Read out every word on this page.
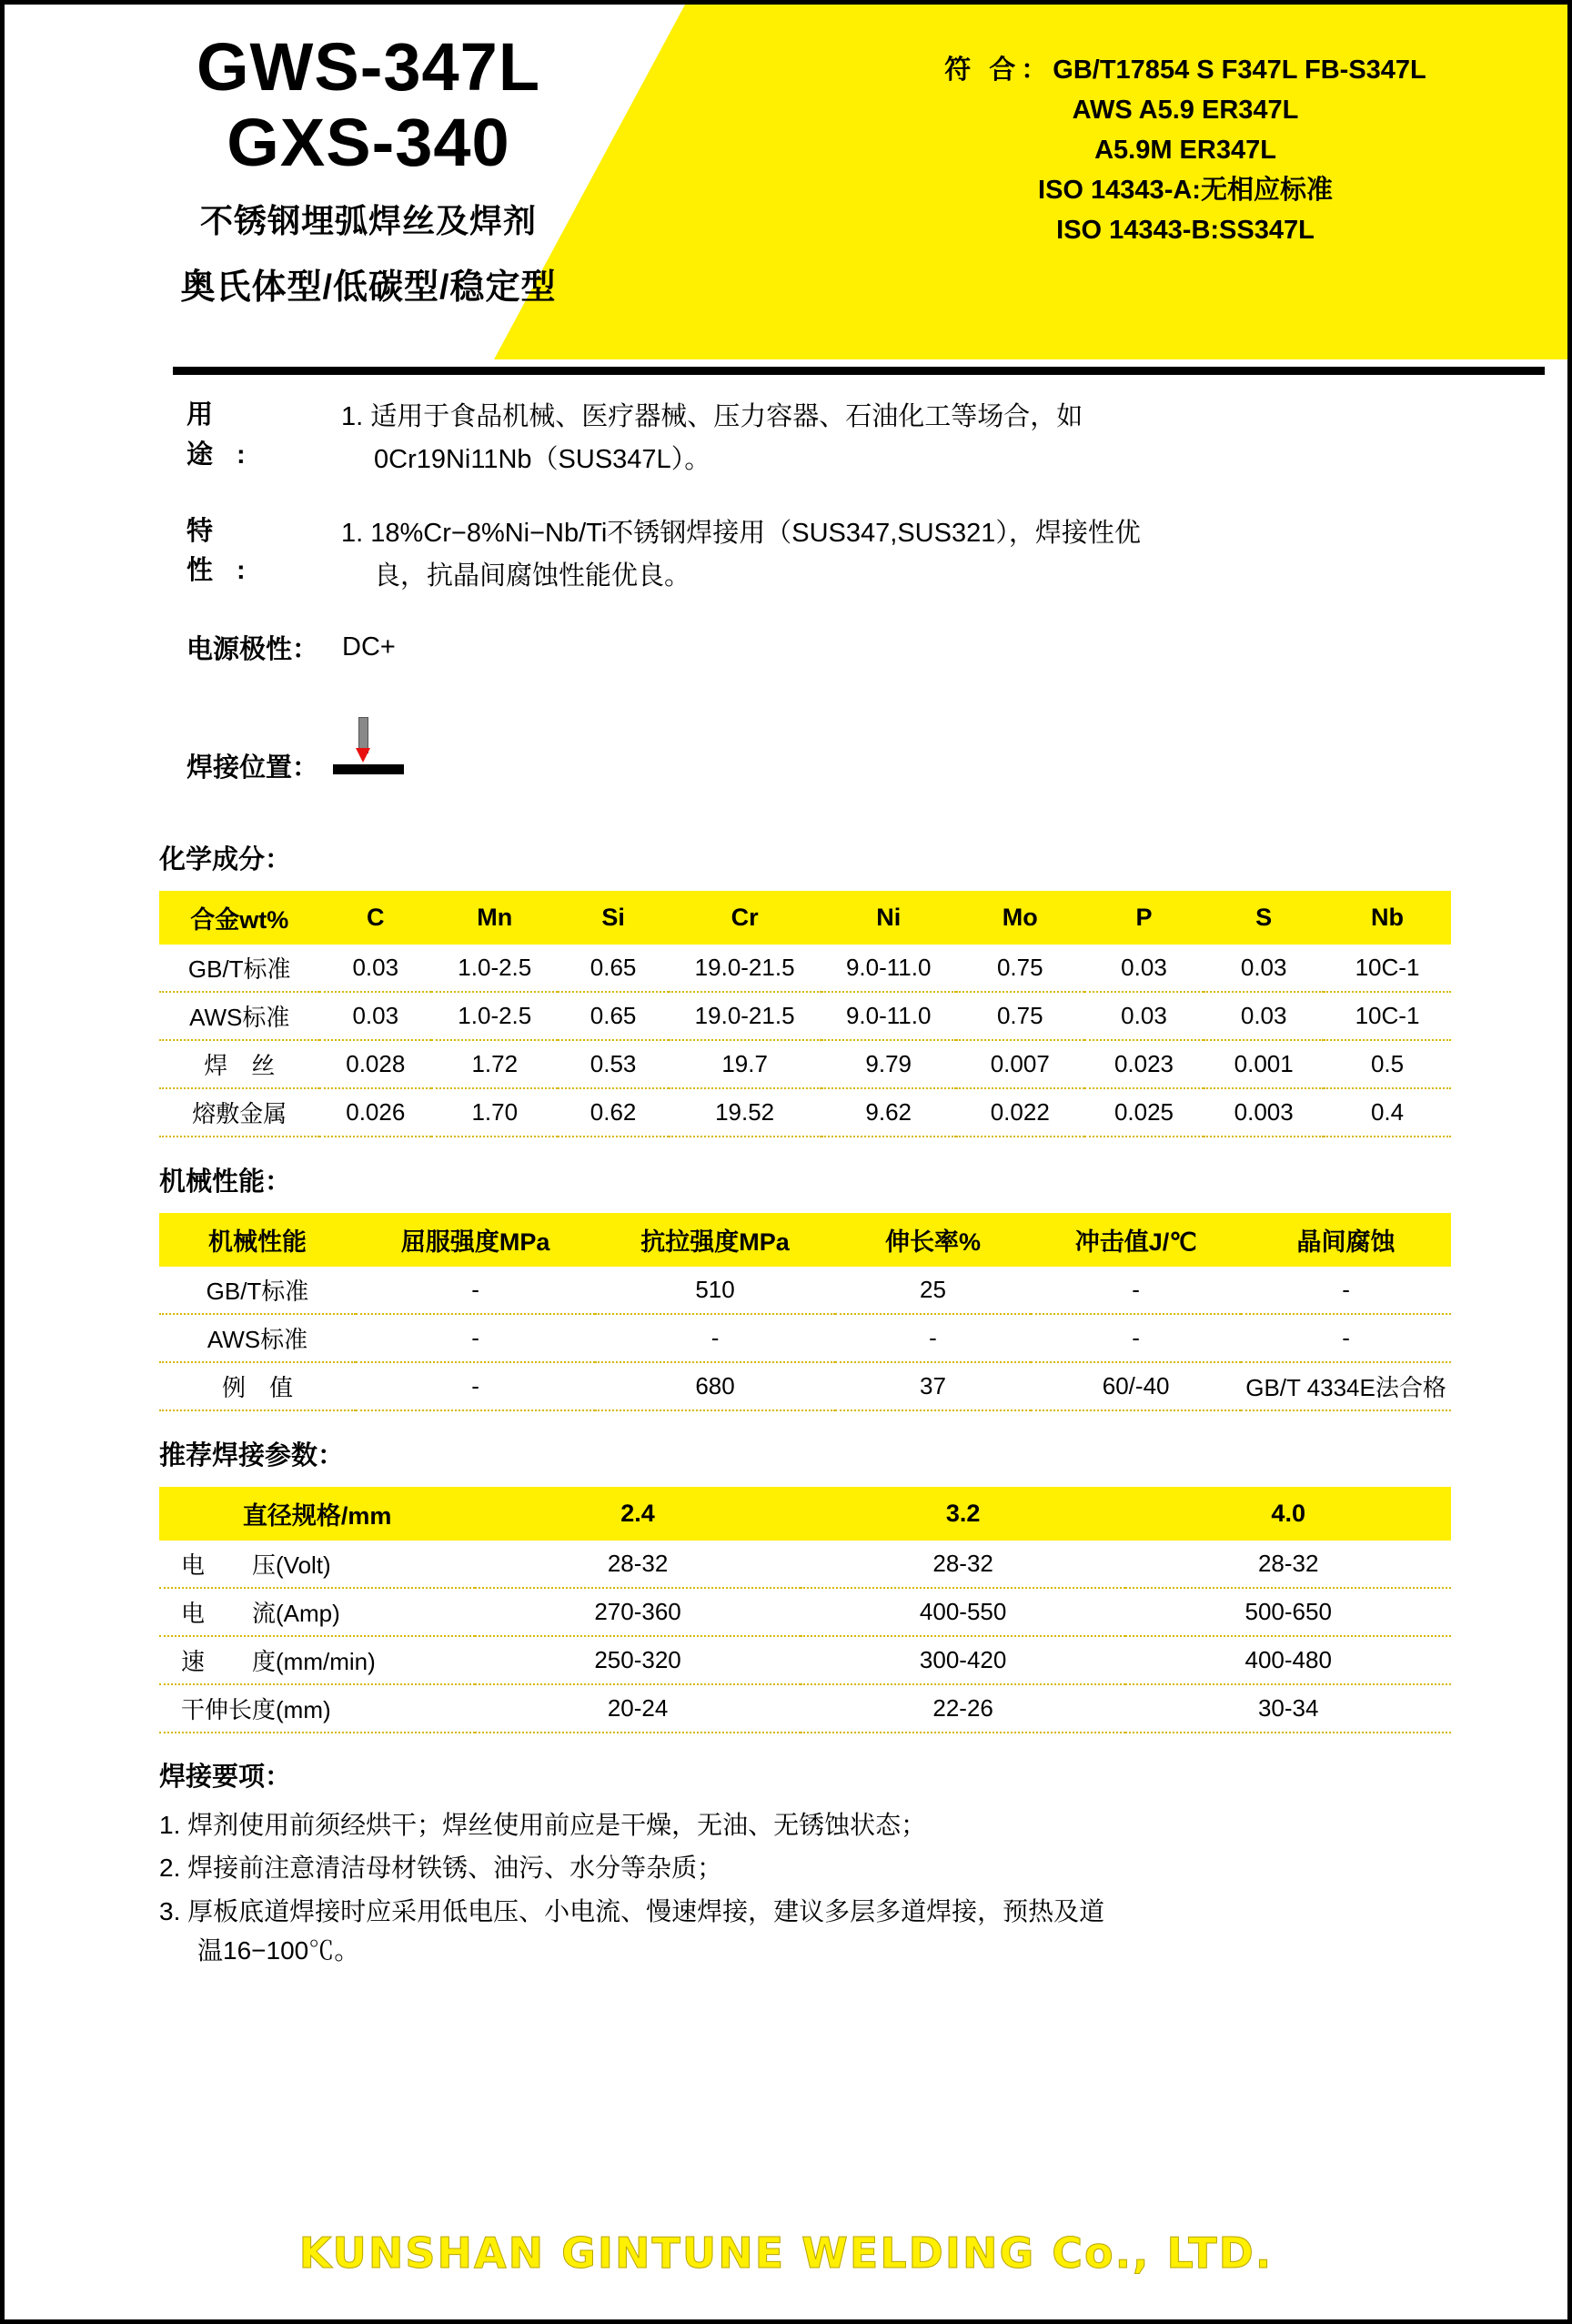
GWS-347L
GXS-340
不锈钢埋弧焊丝及焊剂
奥氏体型/低碳型/稳定型
符 合：GB/T17854 S F347L FB-S347L
AWS A5.9 ER347L
A5.9M ER347L
ISO 14343-A:无相应标准
ISO 14343-B:SS347L
用 途:
1. 适用于食品机械、医疗器械、压力容器、石油化工等场合，如
0Cr19Ni11Nb（SUS347L）。
特 性:
1. 18%Cr−8%Ni−Nb/Ti不锈钢焊接用（SUS347,SUS321），焊接性优
良，抗晶间腐蚀性能优良。
电源极性： DC+
焊接位置：
化学成分：
合金wt%	C	Mn	Si	Cr	Ni	Mo	P	S	Nb
GB/T标准	0.03	1.0-2.5	0.65	19.0-21.5	9.0-11.0	0.75	0.03	0.03	10C-1
AWS标准	0.03	1.0-2.5	0.65	19.0-21.5	9.0-11.0	0.75	0.03	0.03	10C-1
焊　丝	0.028	1.72	0.53	19.7	9.79	0.007	0.023	0.001	0.5
熔敷金属	0.026	1.70	0.62	19.52	9.62	0.022	0.025	0.003	0.4
机械性能：
机械性能	屈服强度MPa	抗拉强度MPa	伸长率%	冲击值J/℃	晶间腐蚀
GB/T标准	-	510	25	-	-
AWS标准	-	-	-	-	-
例　值	-	680	37	60/-40	GB/T 4334E法合格
推荐焊接参数：
直径规格/mm	2.4	3.2	4.0
电　　压(Volt)	28-32	28-32	28-32
电　　流(Amp)	270-360	400-550	500-650
速　　度(mm/min)	250-320	300-420	400-480
干伸长度(mm)	20-24	22-26	30-34
焊接要项：
1. 焊剂使用前须经烘干；焊丝使用前应是干燥，无油、无锈蚀状态；
2. 焊接前注意清洁母材铁锈、油污、水分等杂质；
3. 厚板底道焊接时应采用低电压、小电流、慢速焊接，建议多层多道焊接，预热及道
温16−100℃。
KUNSHAN GINTUNE WELDING Co., LTD.
